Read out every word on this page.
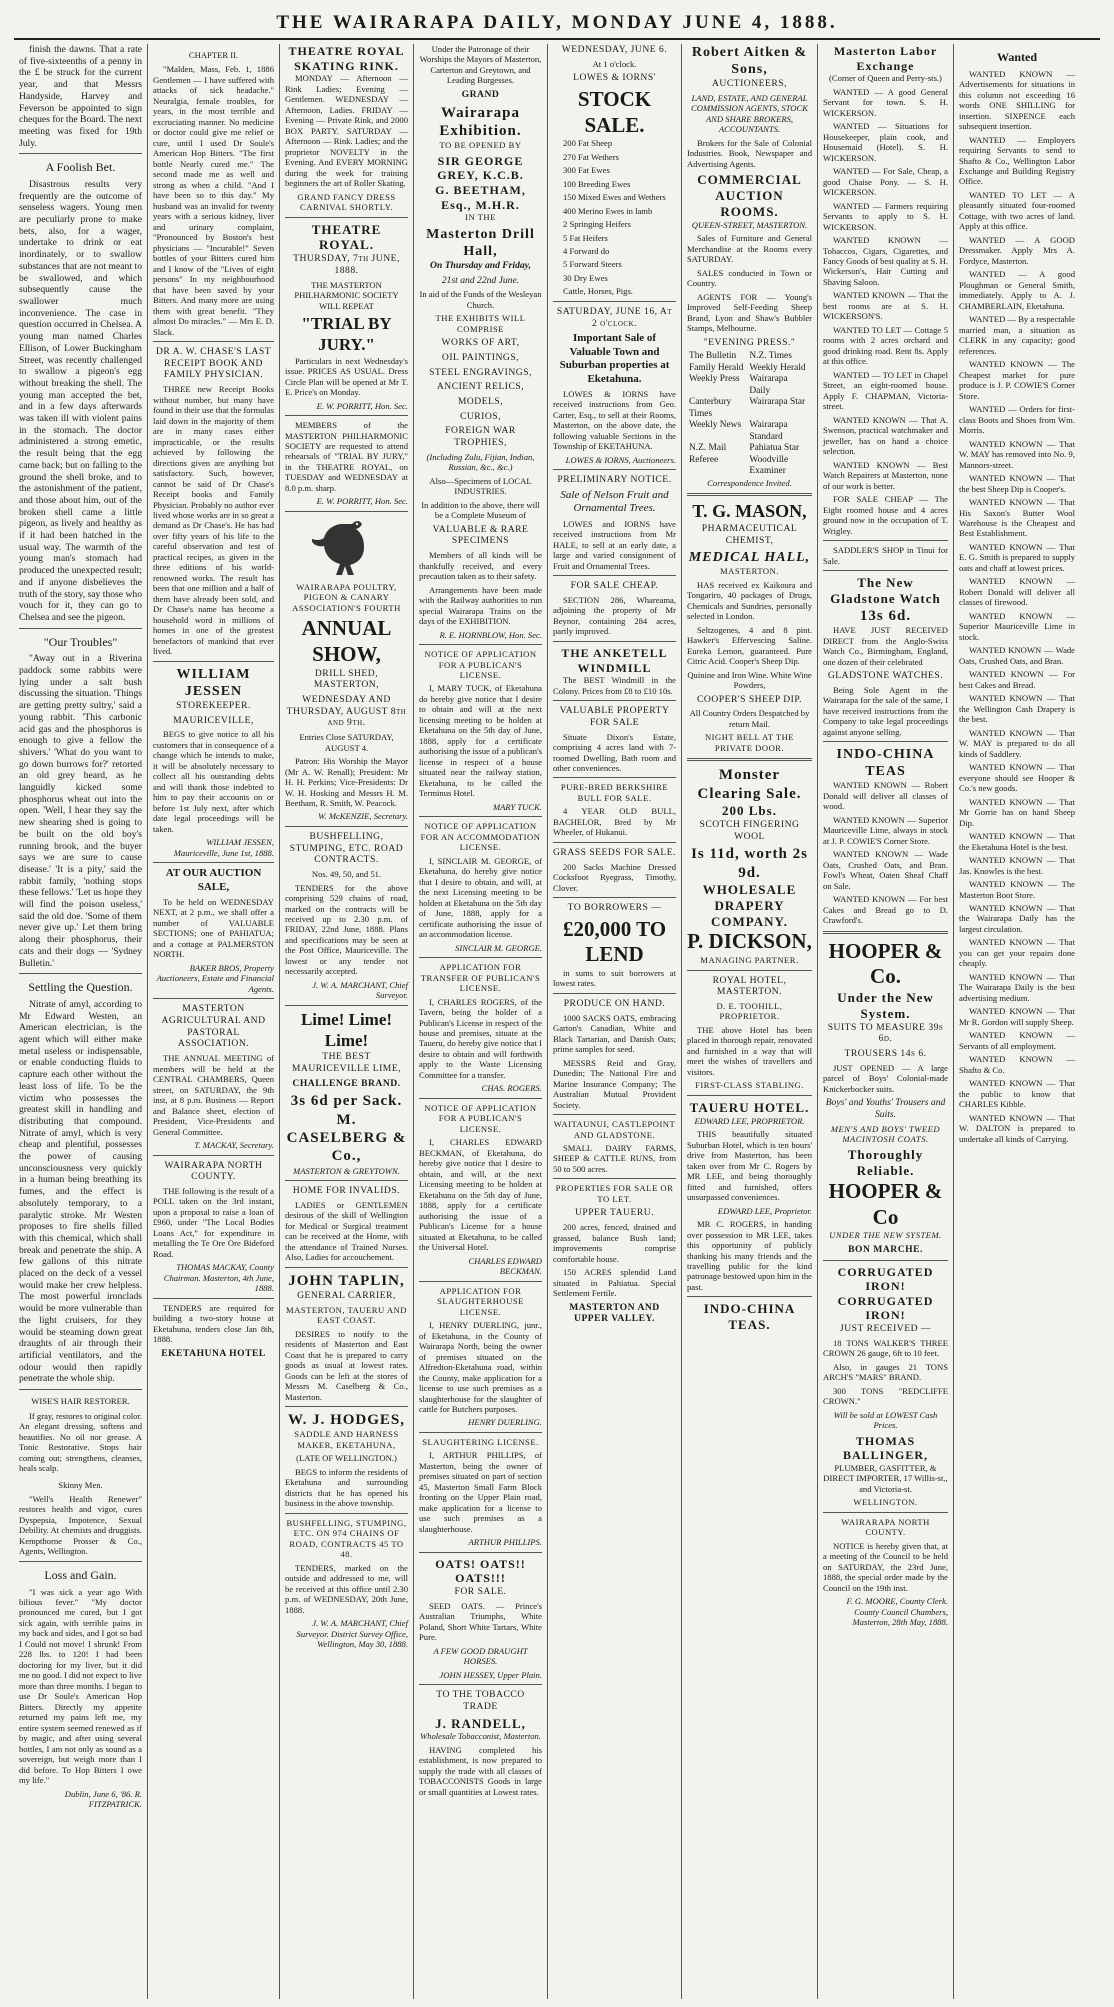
THE WAIRARAPA DAILY, MONDAY JUNE 4, 1888.

finish the dawns. That a rate of five-sixteenths of a penny in the £ be struck for the current year, and that Messrs Handyside, Harvey and Feverson be appointed to sign cheques for the Board. The next meeting was fixed for 19th July.

A Foolish Bet.

Disastrous results very frequently are the outcome of senseless wagers. Young men are peculiarly prone to make bets, also, for a wager, undertake to drink or eat inordinately, or to swallow substances that are not meant to be swallowed, and which subsequently cause the swallower much inconvenience. The case in question occurred in Chelsea. A young man named Charles Ellison, of Lower Buckingham Street, was recently challenged to swallow a pigeon's egg without breaking the shell. The young man accepted the bet, and in a few days afterwards was taken ill with violent pains in the stomach. The doctor administered a strong emetic, the result being that the egg came back; but on falling to the ground the shell broke, and to the astonishment of the patient, and those about him, out of the broken shell came a little pigeon, as lively and healthy as if it had been hatched in the usual way. The warmth of the young man's stomach had produced the unexpected result; and if anyone disbelieves the truth of the story, say those who vouch for it, they can go to Chelsea and see the pigeon.

"Our Troubles"

"Away out in a Riverina paddock some rabbits were lying under a salt bush discussing the situation. 'Things are getting pretty sultry,' said a young rabbit. 'This carbonic acid gas and the phosphorus is enough to give a fellow the shivers.' 'What do you want to go down burrows for?' retorted an old grey beard, as he languidly kicked some phosphorus wheat out into the open. 'Well, I hear they say the new shearing shed is going to be built on the old boy's running brook, and the buyer says we are sure to cause disease.' 'It is a pity,' said the rabbit family, 'nothing stops these fellows.' 'Let us hope they will find the poison useless,' said the old doe. 'Some of them never give up.' Let them bring along their phosphorus, their cats and their dogs — 'Sydney Bulletin.'

Settling the Question.

Nitrate of amyl, according to Mr Edward Westen, an American electrician, is the agent which will either make metal useless or indispensable, or enable conducting fluids to capture each other without the least loss of life. To be the victim who possesses the greatest skill in handling and distributing that compound. Nitrate of amyl, which is very cheap and plentiful, possesses the power of causing unconsciousness very quickly in a human being breathing its fumes, and the effect is absolutely temporary, to a paralytic stroke. Mr Westen proposes to fire shells filled with this chemical, which shall break and penetrate the ship. A few gallons of this nitrate placed on the deck of a vessel would make her crew helpless. The most powerful ironclads would be more vulnerable than the light cruisers, for they would be steaming down great draughts of air through their artificial ventilators, and the odour would then rapidly penetrate the whole ship.

WISE'S HAIR RESTORER.

If gray, restores to original color. An elegant dressing, softens and beautifies. No oil nor grease. A Tonic Restorative. Stops hair coming out; strengthens, cleanses, heals scalp.

Skinny Men.

"Well's Health Renewer" restores health and vigor, cures Dyspepsia, Impotence, Sexual Debility. At chemists and druggists. Kempthorne Prosser & Co., Agents, Wellington.

Loss and Gain.

"I was sick a year ago With bilious fever." "My doctor pronounced me cured, but I got sick again, with terrible pains in my back and sides, and I got so bad I Could not move! I shrunk! From 228 lbs. to 120! I had been doctoring for my liver, but it did me no good. I did not expect to live more than three months. I began to use Dr Soule's American Hop Bitters. Directly my appetite returned my pains left me, my entire system seemed renewed as if by magic, and after using several bottles, I am not only as sound as a sovereign, but weigh more than I did before. To Hop Bitters I owe my life."

Dublin, June 6, '86. R. FITZPATRICK.

CHAPTER II.

"Malden, Mass, Feb. 1, 1886 Gentlemen — I have suffered with attacks of sick headache." Neuralgia, female troubles, for years, in the most terrible and excruciating manner. No medicine or doctor could give me relief or cure, until I used Dr Soule's American Hop Bitters. "The first bottle Nearly cured me." The second made me as well and strong as when a child. "And I have been so to this day." My husband was an invalid for twenty years with a serious kidney, liver and urinary complaint, "Pronounced by Boston's best physicians — "Incurable!" Seven bottles of your Bitters cured him and I know of the "Lives of eight persons" In my neighbourhood that have been saved by your Bitters. And many more are using them with great benefit. "They almost Do miracles." — Mrs E. D. Slack.

DR A. W. CHASE'S LAST RECEIPT BOOK AND FAMILY PHYSICIAN.

THREE new Receipt Books without number, but many have found in their use that the formulas laid down in the majority of them are in many cases either impracticable, or the results achieved by following the directions given are anything but satisfactory. Such, however, cannot be said of Dr Chase's Receipt books and Family Physician. Probably no author ever lived whose works are in so great a demand as Dr Chase's. He has had over fifty years of his life to the careful observation and test of practical recipes, as given in the three editions of his world-renowned works. The result has been that one million and a half of them have already been sold, and Dr Chase's name has become a household word in millions of homes in one of the greatest benefactors of mankind that ever lived.

WILLIAM JESSEN

STOREKEEPER.

MAURICEVILLE,

BEGS to give notice to all his customers that in consequence of a change which he intends to make, it will be absolutely necessary to collect all his outstanding debts and will thank those indebted to him to pay their accounts on or before 1st July next, after which date legal proceedings will be taken.

WILLIAM JESSEN, Mauriceville, June 1st, 1888.

AT OUR AUCTION SALE,

To be held on WEDNESDAY NEXT, at 2 p.m., we shall offer a number of VALUABLE SECTIONS; one of PAHIATUA; and a cottage at PALMERSTON NORTH.

BAKER BROS, Property Auctioneers, Estate and Financial Agents.

MASTERTON AGRICULTURAL AND PASTORAL ASSOCIATION.

THE ANNUAL MEETING of members will be held at the CENTRAL CHAMBERS, Queen street, on SATURDAY, the 9th inst, at 8 p.m. Business — Report and Balance sheet, election of President, Vice-Presidents and General Committee.

T. MACKAY, Secretary.

WAIRARAPA NORTH COUNTY.

THE following is the result of a POLL taken on the 3rd instant, upon a proposal to raise a loan of £960, under "The Local Bodies Loans Act," for expenditure in metalling the Te Ore Ore Bideford Road.

THOMAS MACKAY, County Chairman. Masterton, 4th June, 1888.

TENDERS are required for building a two-story house at Eketahuna, tenders close Jan 8th, 1888.

EKETAHUNA HOTEL

THEATRE ROYAL SKATING RINK.

MONDAY — Afternoon — Rink Ladies; Evening — Gentlemen. WEDNESDAY — Afternoon, Ladies. FRIDAY — Evening — Private Rink, and 2000 BOX PARTY. SATURDAY — Afternoon — Rink. Ladies; and the proprietor NOVELTY in the Evening. And EVERY MORNING during the week for training beginners the art of Roller Skating.

GRAND FANCY DRESS CARNIVAL SHORTLY.

THEATRE ROYAL.

THURSDAY, 7th JUNE, 1888.

THE MASTERTON PHILHARMONIC SOCIETY WILL REPEAT

"TRIAL BY JURY."

Particulars in next Wednesday's issue. PRICES AS USUAL. Dress Circle Plan will be opened at Mr T. E. Price's on Monday.

E. W. PORRITT, Hon. Sec.

MEMBERS of the MASTERTON PHILHARMONIC SOCIETY are requested to attend rehearsals of "TRIAL BY JURY," in the THEATRE ROYAL, on TUESDAY and WEDNESDAY at 8.0 p.m. sharp.

E. W. PORRITT, Hon. Sec.

WAIRARAPA POULTRY, PIGEON & CANARY ASSOCIATION'S FOURTH

ANNUAL SHOW,

DRILL SHED, MASTERTON,

WEDNESDAY AND THURSDAY, AUGUST 8th and 9th.

Entries Close SATURDAY, AUGUST 4.

Patron: His Worship the Mayor (Mr A. W. Renall); President: Mr H. H. Perkins; Vice-Presidents: Dr W. H. Hosking and Messrs H. M. Beetham, R. Smith, W. Peacock.

W. McKENZIE, Secretary.

BUSHFELLING, STUMPING, ETC. ROAD CONTRACTS.

Nos. 49, 50, and 51.

TENDERS for the above comprising 529 chains of road, marked on the contracts will be received up to 2.30 p.m. of FRIDAY, 22nd June, 1888. Plans and specifications may be seen at the Post Office, Mauriceville. The lowest or any tender not necessarily accepted.

J. W. A. MARCHANT, Chief Surveyor.

Lime! Lime! Lime!

THE BEST MAURICEVILLE LIME,

CHALLENGE BRAND.

3s 6d per Sack.
M. CASELBERG & Co.,

MASTERTON & GREYTOWN.

HOME FOR INVALIDS.

LADIES or GENTLEMEN desirous of the skill of Wellington for Medical or Surgical treatment can be received at the Home, with the attendance of Trained Nurses. Also, Ladies for accouchement.

JOHN TAPLIN,

GENERAL CARRIER,

MASTERTON, TAUERU AND EAST COAST.

DESIRES to notify to the residents of Masterton and East Coast that he is prepared to carry goods as usual at lowest rates. Goods can be left at the stores of Messrs M. Caselberg & Co., Masterton.

W. J. HODGES,

SADDLE AND HARNESS MAKER, EKETAHUNA,

(LATE OF WELLINGTON.)

BEGS to inform the residents of Eketahuna and surrounding districts that he has opened his business in the above township.

BUSHFELLING, STUMPING, ETC. ON 974 CHAINS OF ROAD, CONTRACTS 45 TO 48.

TENDERS, marked on the outside and addressed to me, will be received at this office until 2.30 p.m. of WEDNESDAY, 20th June, 1888.

J. W. A. MARCHANT, Chief Surveyor. District Survey Office, Wellington, May 30, 1888.

Under the Patronage of their Worships the Mayors of Masterton, Carterton and Greytown, and Leading Burgesses.

GRAND

Wairarapa Exhibition.

TO BE OPENED BY

SIR GEORGE GREY, K.C.B.
G. BEETHAM, Esq., M.H.R.

IN THE

Masterton Drill Hall,

On Thursday and Friday,

21st and 22nd June.

In aid of the Funds of the Wesleyan Church.

THE EXHIBITS WILL COMPRISE

WORKS OF ART,

OIL PAINTINGS,

STEEL ENGRAVINGS,

ANCIENT RELICS,

MODELS,

CURIOS,

FOREIGN WAR TROPHIES,

(Including Zulu, Fijian, Indian, Russian, &c., &c.)

Also—Specimens of LOCAL INDUSTRIES.

In addition to the above, there will be a Complete Museum of

VALUABLE & RARE SPECIMENS

Members of all kinds will be thankfully received, and every precaution taken as to their safety.

Arrangements have been made with the Railway authorities to run special Wairarapa Trains on the days of the EXHIBITION.

R. E. HORNBLOW, Hon. Sec.

NOTICE OF APPLICATION FOR A PUBLICAN'S LICENSE.

I, MARY TUCK, of Eketahuna do hereby give notice that I desire to obtain and will at the next licensing meeting to be holden at Eketahuna on the 5th day of June, 1888, apply for a certificate authorising the issue of a publican's license in respect of a house situated near the railway station, Eketahuna, to be called the Terminus Hotel.

MARY TUCK.

NOTICE OF APPLICATION FOR AN ACCOMMODATION LICENSE.

I, SINCLAIR M. GEORGE, of Eketahuna, do hereby give notice that I desire to obtain, and will, at the next Licensing meeting to be holden at Eketahuna on the 5th day of June, 1888, apply for a certificate authorising the issue of an accommodation license.

SINCLAIR M. GEORGE.

APPLICATION FOR TRANSFER OF PUBLICAN'S LICENSE.

I, CHARLES ROGERS, of the Tavern, being the holder of a Publican's License in respect of the house and premises, situate at the Taueru, do hereby give notice that I desire to obtain and will forthwith apply to the Waste Licensing Committee for a transfer.

CHAS. ROGERS.

NOTICE OF APPLICATION FOR A PUBLICAN'S LICENSE.

I, CHARLES EDWARD BECKMAN, of Eketahuna, do hereby give notice that I desire to obtain, and will, at the next Licensing meeting to be holden at Eketahuna on the 5th day of June, 1888, apply for a certificate authorising the issue of a Publican's License for a house situated at Eketahuna, to be called the Universal Hotel.

CHARLES EDWARD BECKMAN.

APPLICATION FOR SLAUGHTERHOUSE LICENSE.

I, HENRY DUERLING, junr., of Eketahuna, in the County of Wairarapa North, being the owner of premises situated on the Alfredton-Eketahuna road, within the County, make application for a license to use such premises as a slaughterhouse for the slaughter of cattle for Butchers purposes.

HENRY DUERLING.

SLAUGHTERING LICENSE.

I, ARTHUR PHILLIPS, of Masterton, being the owner of premises situated on part of section 45, Masterton Small Farm Block fronting on the Upper Plain road, make application for a license to use such premises as a slaughterhouse.

ARTHUR PHILLIPS.

OATS! OATS!! OATS!!!

FOR SALE.

SEED OATS. — Prince's Australian Triumphs, White Poland, Short White Tartars, White Pure.

A FEW GOOD DRAUGHT HORSES.

JOHN HESSEY, Upper Plain.

TO THE TOBACCO TRADE

J. RANDELL,

Wholesale Tobacconist, Masterton.

HAVING completed his establishment, is now prepared to supply the trade with all classes of TOBACCONISTS Goods in large or small quantities at Lowest rates.

WEDNESDAY, JUNE 6.

At 1 o'clock.

LOWES & IORNS'

STOCK SALE.

200 Fat Sheep

270 Fat Wethers

300 Fat Ewes

100 Breeding Ewes

150 Mixed Ewes and Wethers

400 Merino Ewes in lamb

2 Springing Heifers

5 Fat Heifers

4 Forward do

5 Forward Steers

30 Dry Ewes

Cattle, Horses, Pigs.

SATURDAY, JUNE 16, At 2 o'clock.

Important Sale of Valuable Town and Suburban properties at Eketahuna.

LOWES & IORNS have received instructions from Geo. Carter, Esq., to sell at their Rooms, Masterton, on the above date, the following valuable Sections in the Township of EKETAHUNA.

LOWES & IORNS, Auctioneers.

PRELIMINARY NOTICE.

Sale of Nelson Fruit and Ornamental Trees.

LOWES and IORNS have received instructions from Mr HALE, to sell at an early date, a large and varied consignment of Fruit and Ornamental Trees.

FOR SALE CHEAP.

SECTION 286, Whareama, adjoining the property of Mr Beynor, containing 284 acres, partly improved.

THE ANKETELL WINDMILL

The BEST Windmill in the Colony. Prices from £8 to £10 10s.

VALUABLE PROPERTY FOR SALE

Situate Dixon's Estate, comprising 4 acres land with 7-roomed Dwelling, Bath room and other conveniences.

PURE-BRED BERKSHIRE BULL FOR SALE.

4 YEAR OLD BULL, BACHELOR, Bred by Mr Wheeler, of Hukanui.

GRASS SEEDS FOR SALE.

200 Sacks Machine Dressed Cocksfoot Ryegrass, Timothy, Clover.

TO BORROWERS —

£20,000 TO LEND

in sums to suit borrowers at lowest rates.

PRODUCE ON HAND.

1000 SACKS OATS, embracing Garton's Canadian, White and Black Tartarian, and Danish Oats; prime samples for seed.

MESSRS Reid and Gray, Dunedin; The National Fire and Marine Insurance Company; The Australian Mutual Provident Society.

WAITAUNUI, CASTLEPOINT AND GLADSTONE.

SMALL DAIRY FARMS, SHEEP & CATTLE RUNS, from 50 to 500 acres.

PROPERTIES FOR SALE OR TO LET.

UPPER TAUERU.

200 acres, fenced, drained and grassed, balance Bush land; improvements comprise comfortable house.

150 ACRES splendid Land situated in Pahiatua. Special Settlement Fertile.

MASTERTON AND UPPER VALLEY.

Robert Aitken & Sons,

AUCTIONEERS,

LAND, ESTATE, AND GENERAL COMMISSION AGENTS, STOCK AND SHARE BROKERS, ACCOUNTANTS.

Brokers for the Sale of Colonial Industries. Book, Newspaper and Advertising Agents.

COMMERCIAL AUCTION ROOMS.

QUEEN-STREET, MASTERTON.

Sales of Furniture and General Merchandise at the Rooms every SATURDAY.

SALES conducted in Town or Country.

AGENTS FOR — Young's Improved Self-Feeding Sheep Brand, Lyon and Shaw's Bubbler Stamps, Melbourne.

"EVENING PRESS."

The Bulletin	N.Z. Times
Family Herald	Weekly Herald
Weekly Press	Wairarapa Daily
Canterbury Times	Wairarapa Star
Weekly News	Wairarapa Standard
N.Z. Mail	Pahiatua Star
Referee	Woodville Examiner

Correspondence Invited.

T. G. MASON,

PHARMACEUTICAL CHEMIST,

MEDICAL HALL,

MASTERTON.

HAS received ex Kaikoura and Tongariro, 40 packages of Drugs, Chemicals and Sundries, personally selected in London.

Seltzogenes, 4 and 8 pint. Hawker's Effervescing Saline. Eureka Lemon, guaranteed. Pure Citric Acid. Cooper's Sheep Dip.

Quinine and Iron Wine. White Wine Powders,

COOPER'S SHEEP DIP.

All Country Orders Despatched by return Mail.

NIGHT BELL AT THE PRIVATE DOOR.

Monster Clearing Sale.
200 Lbs.

SCOTCH FINGERING WOOL

Is 11d, worth 2s 9d.
WHOLESALE DRAPERY COMPANY.
P. DICKSON,

MANAGING PARTNER.

ROYAL HOTEL, MASTERTON.

D. E. TOOHILL, PROPRIETOR.

THE above Hotel has been placed in thorough repair, renovated and furnished in a way that will meet the wishes of travellers and visitors.

FIRST-CLASS STABLING.

TAUERU HOTEL.

EDWARD LEE, PROPRIETOR.

THIS beautifully situated Suburban Hotel, which is ten hours' drive from Masterton, has been taken over from Mr C. Rogers by MR LEE, and being thoroughly fitted and furnished, offers unsurpassed conveniences.

EDWARD LEE, Proprietor.

MR C. ROGERS, in handing over possession to MR LEE, takes this opportunity of publicly thanking his many friends and the travelling public for the kind patronage bestowed upon him in the past.

INDO-CHINA TEAS.
Masterton Labor Exchange

(Corner of Queen and Perry-sts.)

WANTED — A good General Servant for town. S. H. WICKERSON.

WANTED — Situations for Housekeeper, plain cook, and Housemaid (Hotel). S. H. WICKERSON.

WANTED — For Sale, Cheap, a good Chaise Pony. — S. H. WICKERSON.

WANTED — Farmers requiring Servants to apply to S. H. WICKERSON.

WANTED KNOWN — Tobaccos, Cigars, Cigarettes, and Fancy Goods of best quality at S. H. Wickerson's, Hair Cutting and Shaving Saloon.

WANTED KNOWN — That the best rooms are at S. H. WICKERSON'S.

WANTED TO LET — Cottage 5 rooms with 2 acres orchard and good drinking road. Rent 8s. Apply at this office.

WANTED — TO LET in Chapel Street, an eight-roomed house. Apply F. CHAPMAN, Victoria-street.

WANTED KNOWN — That A. Swenson, practical watchmaker and jeweller, has on hand a choice selection.

WANTED KNOWN — Best Watch Repairers at Masterton, none of our work is better.

FOR SALE CHEAP — The Eight roomed house and 4 acres ground now in the occupation of T. Wrigley.

SADDLER'S SHOP in Tinui for Sale.

The New Gladstone Watch
13s 6d.

HAVE JUST RECEIVED DIRECT from the Anglo-Swiss Watch Co., Birmingham, England, one dozen of their celebrated

GLADSTONE WATCHES.

Being Sole Agent in the Wairarapa for the sale of the same, I have received instructions from the Company to take legal proceedings against anyone selling.

INDO-CHINA TEAS

WANTED KNOWN — Robert Donald will deliver all classes of wood.

WANTED KNOWN — Superior Mauriceville Lime, always in stock at J. P. COWIE'S Corner Store.

WANTED KNOWN — Wade Oats, Crushed Oats, and Bran. Fowl's Wheat, Oaten Sheaf Chaff on Sale.

WANTED KNOWN — For best Cakes and Bread go to D. Crawford's.

HOOPER & Co.
Under the New System.

SUITS TO MEASURE 39s 6d.

TROUSERS 14s 6.

JUST OPENED — A large parcel of Boys' Colonial-made Knickerbocker suits.

Boys' and Youths' Trousers and Suits.

MEN'S AND BOYS' TWEED MACINTOSH COATS.

Thoroughly Reliable.
HOOPER & Co

UNDER THE NEW SYSTEM.

BON MARCHE.

CORRUGATED IRON!
CORRUGATED IRON!

JUST RECEIVED —

18 TONS WALKER'S THREE CROWN 26 gauge, 6ft to 10 feet.

Also, in gauges 21 TONS ARCH'S "MARS" BRAND.

300 TONS "REDCLIFFE CROWN."

Will be sold at LOWEST Cash Prices.

THOMAS BALLINGER,

PLUMBER, GASFITTER, & DIRECT IMPORTER, 17 Willis-st., and Victoria-st.

WELLINGTON.

WAIRARAPA NORTH COUNTY.

NOTICE is hereby given that, at a meeting of the Council to be held on SATURDAY, the 23rd June, 1888, the special order made by the Council on the 19th inst.

F. G. MOORE, County Clerk. County Council Chambers, Masterton, 28th May, 1888.

Wanted

WANTED KNOWN — Advertisements for situations in this column not exceeding 16 words ONE SHILLING for insertion. SIXPENCE each subsequent insertion.

WANTED — Employers requiring Servants to send to Shafto & Co., Wellington Labor Exchange and Building Registry Office.

WANTED TO LET — A pleasantly situated four-roomed Cottage, with two acres of land. Apply at this office.

WANTED — A GOOD Dressmaker. Apply Mrs A. Fordyce, Masterton.

WANTED — A good Ploughman or General Smith, immediately. Apply to A. J. CHAMBERLAIN, Eketahuna.

WANTED — By a respectable married man, a situation as CLERK in any capacity; good references.

WANTED KNOWN — The Cheapest market for pure produce is J. P. COWIE'S Corner Store.

WANTED — Orders for first-class Boots and Shoes from Wm. Morris.

WANTED KNOWN — That W. MAY has removed into No. 9, Mannors-street.

WANTED KNOWN — That the best Sheep Dip is Cooper's.

WANTED KNOWN — That His Saxon's Butter Wool Warehouse is the Cheapest and Best Establishment.

WANTED KNOWN — That E. G. Smith is prepared to supply oats and chaff at lowest prices.

WANTED KNOWN — Robert Donald will deliver all classes of firewood.

WANTED KNOWN — Superior Mauriceville Lime in stock.

WANTED KNOWN — Wade Oats, Crushed Oats, and Bran.

WANTED KNOWN — For best Cakes and Bread.

WANTED KNOWN — That the Wellington Cash Drapery is the best.

WANTED KNOWN — That W. MAY is prepared to do all kinds of Saddlery.

WANTED KNOWN — That everyone should see Hooper & Co.'s new goods.

WANTED KNOWN — That Mr Gorrie has on hand Sheep Dip.

WANTED KNOWN — That the Eketahuna Hotel is the best.

WANTED KNOWN — That Jas. Knowles is the best.

WANTED KNOWN — The Masterton Boot Store.

WANTED KNOWN — That the Wairarapa Daily has the largest circulation.

WANTED KNOWN — That you can get your repairs done cheaply.

WANTED KNOWN — That The Wairarapa Daily is the best advertising medium.

WANTED KNOWN — That Mr R. Gordon will supply Sheep.

WANTED KNOWN — Servants of all employment.

WANTED KNOWN — Shafto & Co.

WANTED KNOWN — That the public to know that CHARLES Kibble.

WANTED KNOWN — That W. DALTON is prepared to undertake all kinds of Carrying.
